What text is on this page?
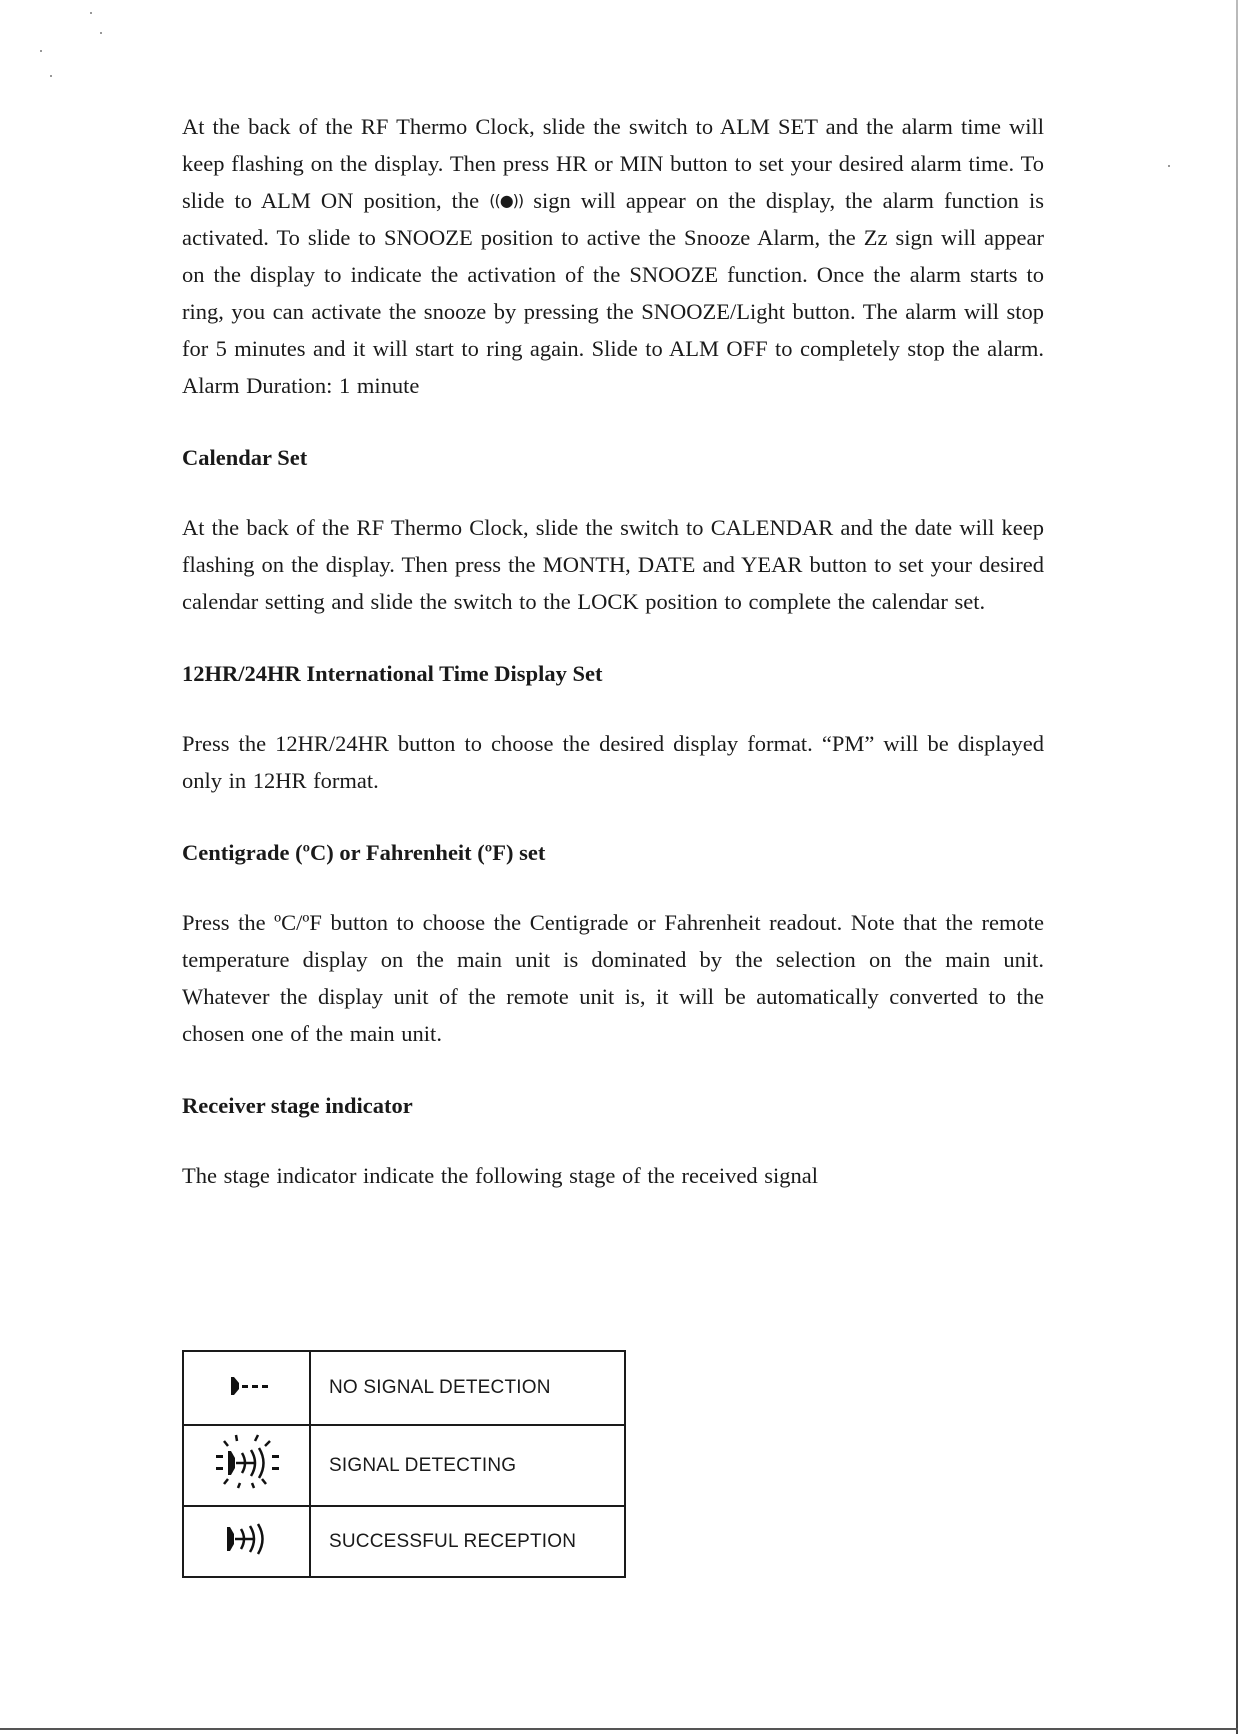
At the back of the RF Thermo Clock, slide the switch to ALM SET and the alarm time will keep flashing on the display. Then press HR or MIN button to set your desired alarm time. To slide to ALM ON position, the ((●)) sign will appear on the display, the alarm function is activated. To slide to SNOOZE position to active the Snooze Alarm, the Zz sign will appear on the display to indicate the activation of the SNOOZE function. Once the alarm starts to ring, you can activate the snooze by pressing the SNOOZE/Light button. The alarm will stop for 5 minutes and it will start to ring again. Slide to ALM OFF to completely stop the alarm. Alarm Duration: 1 minute

Calendar Set

At the back of the RF Thermo Clock, slide the switch to CALENDAR and the date will keep flashing on the display. Then press the MONTH, DATE and YEAR button to set your desired calendar setting and slide the switch to the LOCK position to complete the calendar set.

12HR/24HR International Time Display Set

Press the 12HR/24HR button to choose the desired display format. “PM” will be displayed only in 12HR format.

Centigrade (ºC) or Fahrenheit (ºF) set

Press the ºC/ºF button to choose the Centigrade or Fahrenheit readout. Note that the remote temperature display on the main unit is dominated by the selection on the main unit. Whatever the display unit of the remote unit is, it will be automatically converted to the chosen one of the main unit.

Receiver stage indicator

The stage indicator indicate the following stage of the received signal

	NO SIGNAL DETECTION
	SIGNAL DETECTING
	SUCCESSFUL RECEPTION
